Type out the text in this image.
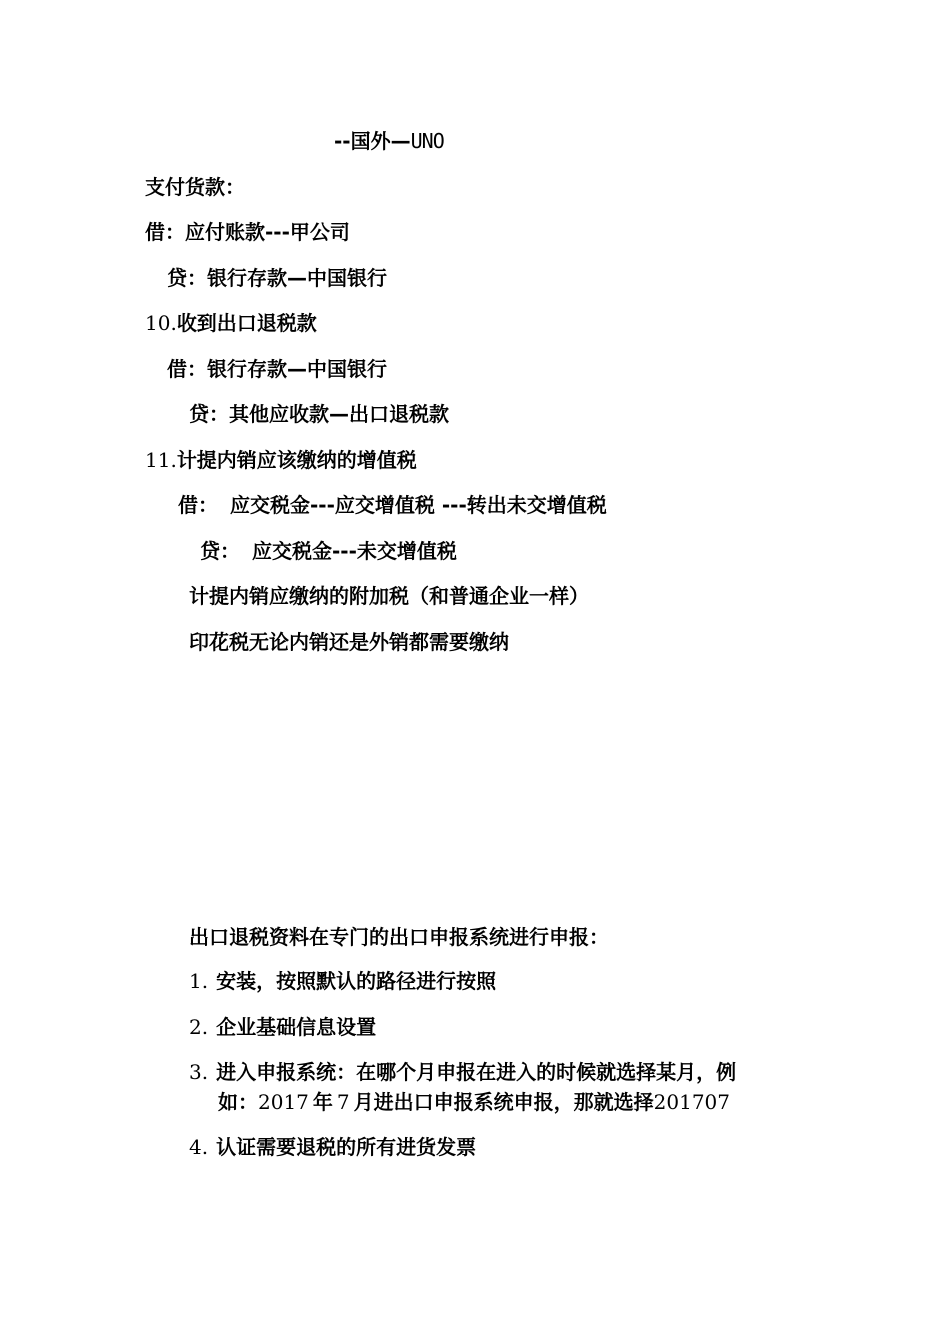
--国外—UNO
支付货款：
借：应付账款---甲公司
贷：银行存款—中国银行
10.收到出口退税款
借：银行存款—中国银行
贷：其他应收款—出口退税款
11.计提内销应该缴纳的增值税
借： 应交税金---应交增值税 ---转出未交增值税
贷： 应交税金---未交增值税
计提内销应缴纳的附加税（和普通企业一样）
印花税无论内销还是外销都需要缴纳
出口退税资料在专门的出口申报系统进行申报：
1. 安装，按照默认的路径进行按照
2. 企业基础信息设置
3. 进入申报系统：在哪个月申报在进入的时候就选择某月，例
如：2017 年 7 月进出口申报系统申报，那就选择201707
4. 认证需要退税的所有进货发票
